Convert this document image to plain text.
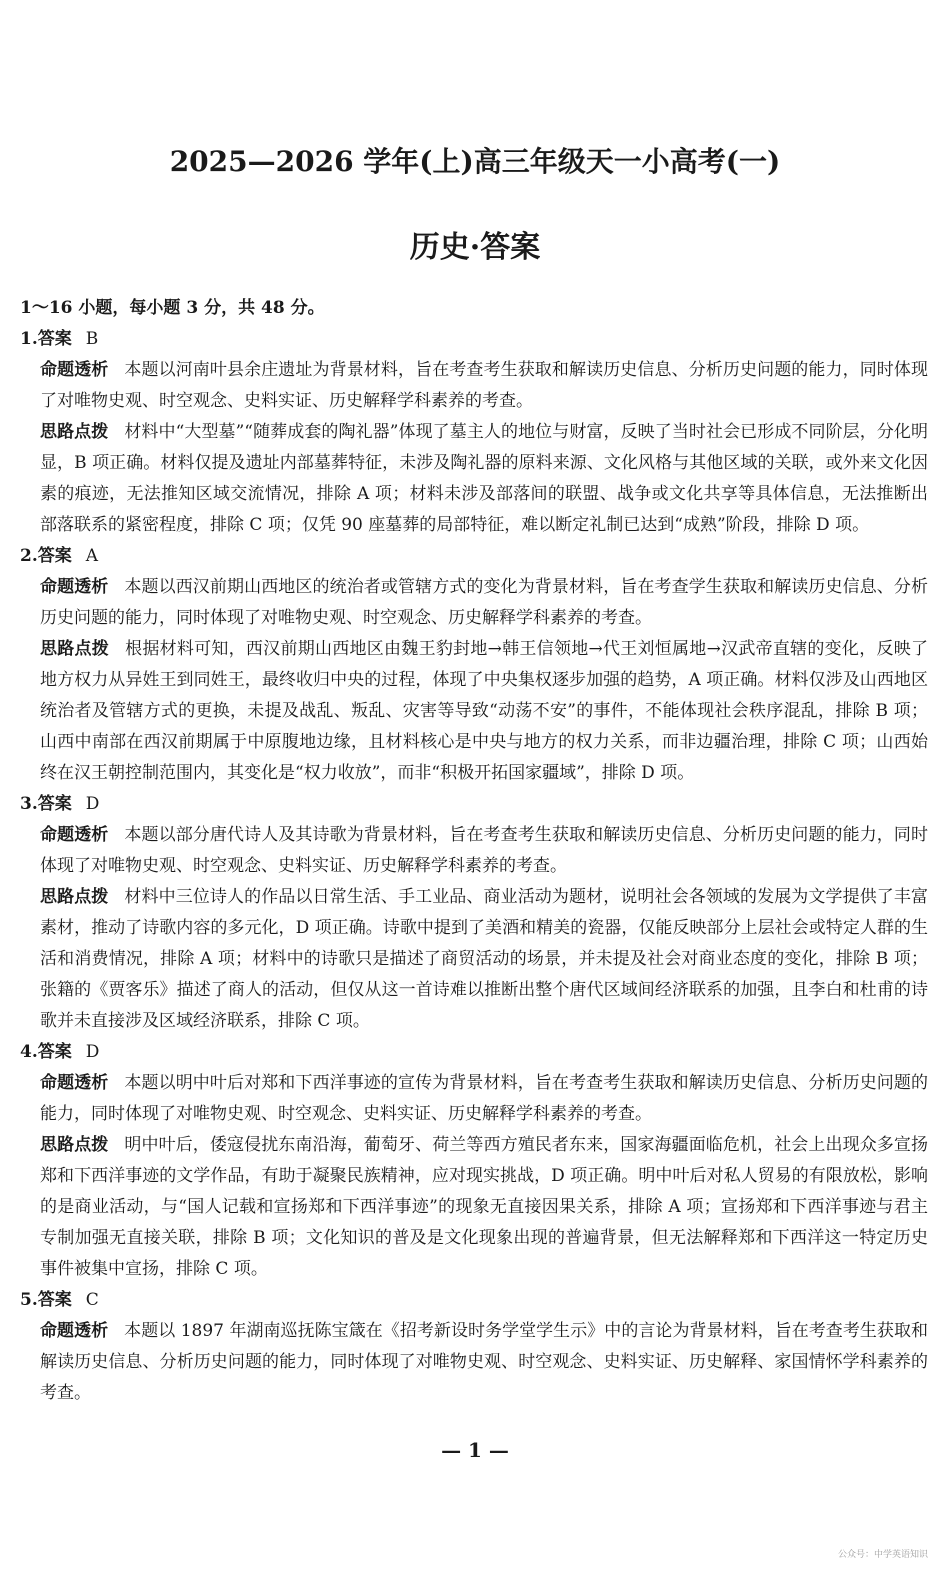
2025—2026 学年(上)高三年级天一小高考(一)
历史·答案
1～16 小题，每小题 3 分，共 48 分。
1.答案 B
命题透析 本题以河南叶县余庄遗址为背景材料，旨在考查考生获取和解读历史信息、分析历史问题的能力，同时体现了对唯物史观、时空观念、史料实证、历史解释学科素养的考查。
思路点拨 材料中“大型墓”“随葬成套的陶礼器”体现了墓主人的地位与财富，反映了当时社会已形成不同阶层，分化明显，B 项正确。材料仅提及遗址内部墓葬特征，未涉及陶礼器的原料来源、文化风格与其他区域的关联，或外来文化因素的痕迹，无法推知区域交流情况，排除 A 项；材料未涉及部落间的联盟、战争或文化共享等具体信息，无法推断出部落联系的紧密程度，排除 C 项；仅凭 90 座墓葬的局部特征，难以断定礼制已达到“成熟”阶段，排除 D 项。
2.答案 A
命题透析 本题以西汉前期山西地区的统治者或管辖方式的变化为背景材料，旨在考查学生获取和解读历史信息、分析历史问题的能力，同时体现了对唯物史观、时空观念、历史解释学科素养的考查。
思路点拨 根据材料可知，西汉前期山西地区由魏王豹封地→韩王信领地→代王刘恒属地→汉武帝直辖的变化，反映了地方权力从异姓王到同姓王，最终收归中央的过程，体现了中央集权逐步加强的趋势，A 项正确。材料仅涉及山西地区统治者及管辖方式的更换，未提及战乱、叛乱、灾害等导致“动荡不安”的事件，不能体现社会秩序混乱，排除 B 项；山西中南部在西汉前期属于中原腹地边缘，且材料核心是中央与地方的权力关系，而非边疆治理，排除 C 项；山西始终在汉王朝控制范围内，其变化是“权力收放”，而非“积极开拓国家疆域”，排除 D 项。
3.答案 D
命题透析 本题以部分唐代诗人及其诗歌为背景材料，旨在考查考生获取和解读历史信息、分析历史问题的能力，同时体现了对唯物史观、时空观念、史料实证、历史解释学科素养的考查。
思路点拨 材料中三位诗人的作品以日常生活、手工业品、商业活动为题材，说明社会各领域的发展为文学提供了丰富素材，推动了诗歌内容的多元化，D 项正确。诗歌中提到了美酒和精美的瓷器，仅能反映部分上层社会或特定人群的生活和消费情况，排除 A 项；材料中的诗歌只是描述了商贸活动的场景，并未提及社会对商业态度的变化，排除 B 项；张籍的《贾客乐》描述了商人的活动，但仅从这一首诗难以推断出整个唐代区域间经济联系的加强，且李白和杜甫的诗歌并未直接涉及区域经济联系，排除 C 项。
4.答案 D
命题透析 本题以明中叶后对郑和下西洋事迹的宣传为背景材料，旨在考查考生获取和解读历史信息、分析历史问题的能力，同时体现了对唯物史观、时空观念、史料实证、历史解释学科素养的考查。
思路点拨 明中叶后，倭寇侵扰东南沿海，葡萄牙、荷兰等西方殖民者东来，国家海疆面临危机，社会上出现众多宣扬郑和下西洋事迹的文学作品，有助于凝聚民族精神，应对现实挑战，D 项正确。明中叶后对私人贸易的有限放松，影响的是商业活动，与“国人记载和宣扬郑和下西洋事迹”的现象无直接因果关系，排除 A 项；宣扬郑和下西洋事迹与君主专制加强无直接关联，排除 B 项；文化知识的普及是文化现象出现的普遍背景，但无法解释郑和下西洋这一特定历史事件被集中宣扬，排除 C 项。
5.答案 C
命题透析 本题以 1897 年湖南巡抚陈宝箴在《招考新设时务学堂学生示》中的言论为背景材料，旨在考查考生获取和解读历史信息、分析历史问题的能力，同时体现了对唯物史观、时空观念、史料实证、历史解释、家国情怀学科素养的考查。
— 1 —
公众号：中学英语知识
